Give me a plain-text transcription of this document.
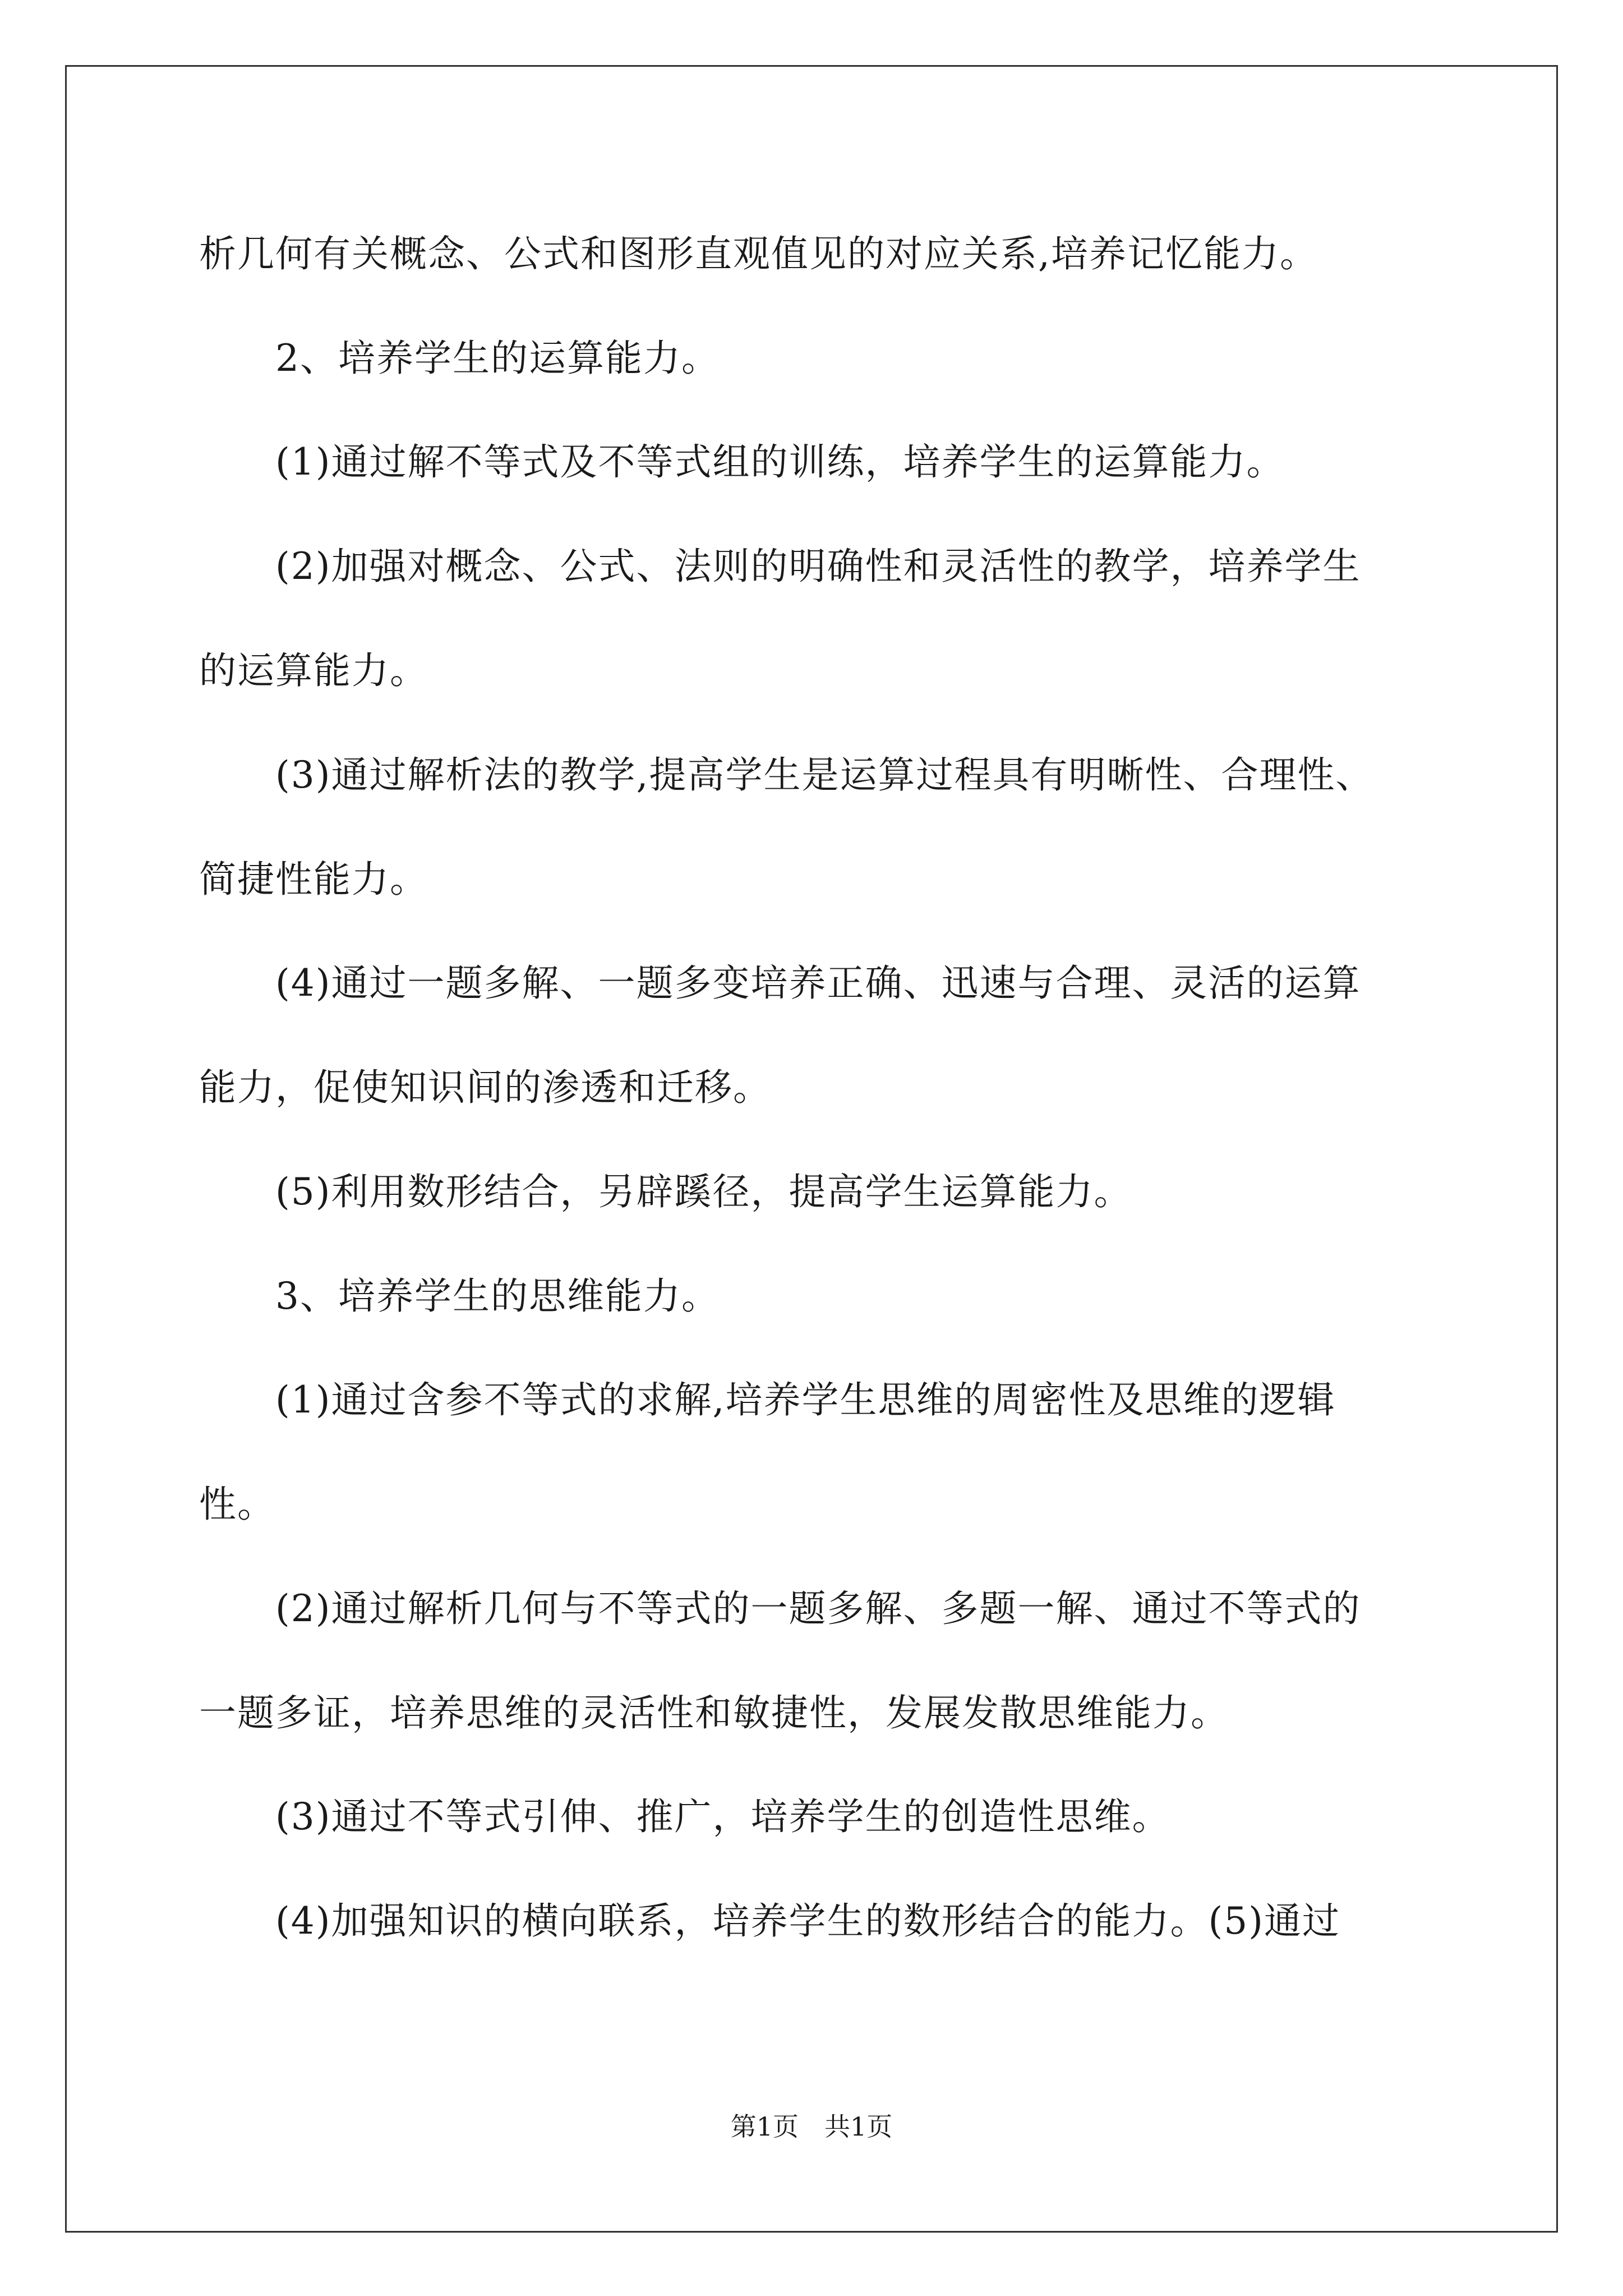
析几何有关概念、公式和图形直观值见的对应关系,培养记忆能力。
2、培养学生的运算能力。
(1)通过解不等式及不等式组的训练，培养学生的运算能力。
(2)加强对概念、公式、法则的明确性和灵活性的教学，培养学生
的运算能力。
(3)通过解析法的教学,提高学生是运算过程具有明晰性、合理性、
简捷性能力。
(4)通过一题多解、一题多变培养正确、迅速与合理、灵活的运算
能力，促使知识间的渗透和迁移。
(5)利用数形结合，另辟蹊径，提高学生运算能力。
3、培养学生的思维能力。
(1)通过含参不等式的求解,培养学生思维的周密性及思维的逻辑
性。
(2)通过解析几何与不等式的一题多解、多题一解、通过不等式的
一题多证，培养思维的灵活性和敏捷性，发展发散思维能力。
(3)通过不等式引伸、推广，培养学生的创造性思维。
(4)加强知识的横向联系，培养学生的数形结合的能力。(5)通过
第1页 共1页
